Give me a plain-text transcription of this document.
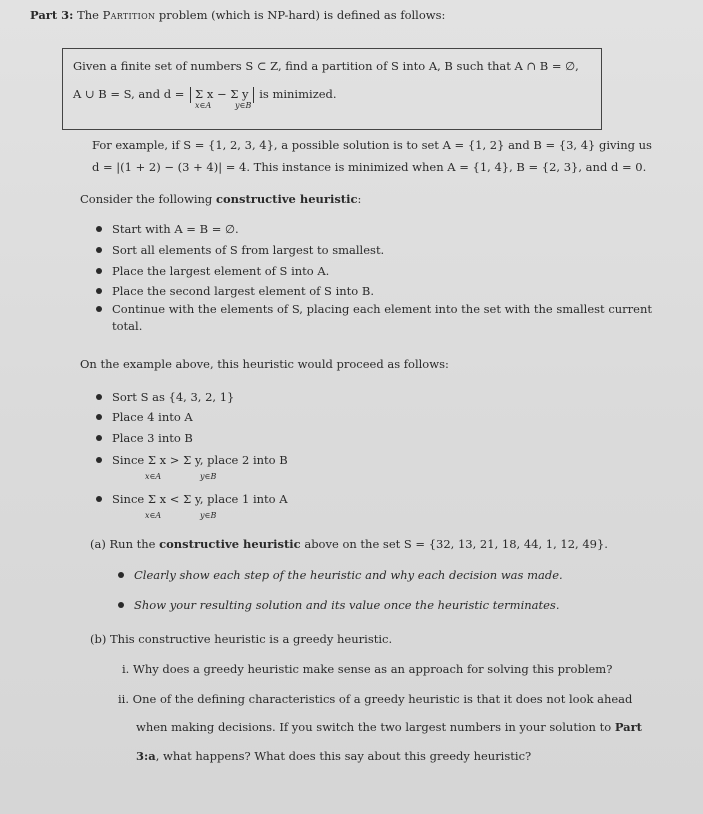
Part 3: The Partition problem (which is NP-hard) is defined as follows:
Given a finite set of numbers S ⊂ Z, find a partition of S into A, B such that A ∩ B = ∅,
A ∪ B = S, and d = Σ x − Σ y
x∈A	y∈B
is minimized.
For example, if S = {1, 2, 3, 4}, a possible solution is to set A = {1, 2} and B = {3, 4} giving us
d = |(1 + 2) − (3 + 4)| = 4. This instance is minimized when A = {1, 4}, B = {2, 3}, and d = 0.
Consider the following constructive heuristic:
Start with A = B = ∅.
Sort all elements of S from largest to smallest.
Place the largest element of S into A.
Place the second largest element of S into B.
Continue with the elements of S, placing each element into the set with the smallest current
total.
On the example above, this heuristic would proceed as follows:
Sort S as {4, 3, 2, 1}
Place 4 into A
Place 3 into B
Since Σ x > Σ y, place 2 into B
x∈A	y∈B
Since Σ x < Σ y, place 1 into A
x∈A	y∈B
(a) Run the constructive heuristic above on the set S = {32, 13, 21, 18, 44, 1, 12, 49}.
Clearly show each step of the heuristic and why each decision was made.
Show your resulting solution and its value once the heuristic terminates.
(b) This constructive heuristic is a greedy heuristic.
i. Why does a greedy heuristic make sense as an approach for solving this problem?
ii. One of the defining characteristics of a greedy heuristic is that it does not look ahead
when making decisions. If you switch the two largest numbers in your solution to Part
3:a, what happens? What does this say about this greedy heuristic?
